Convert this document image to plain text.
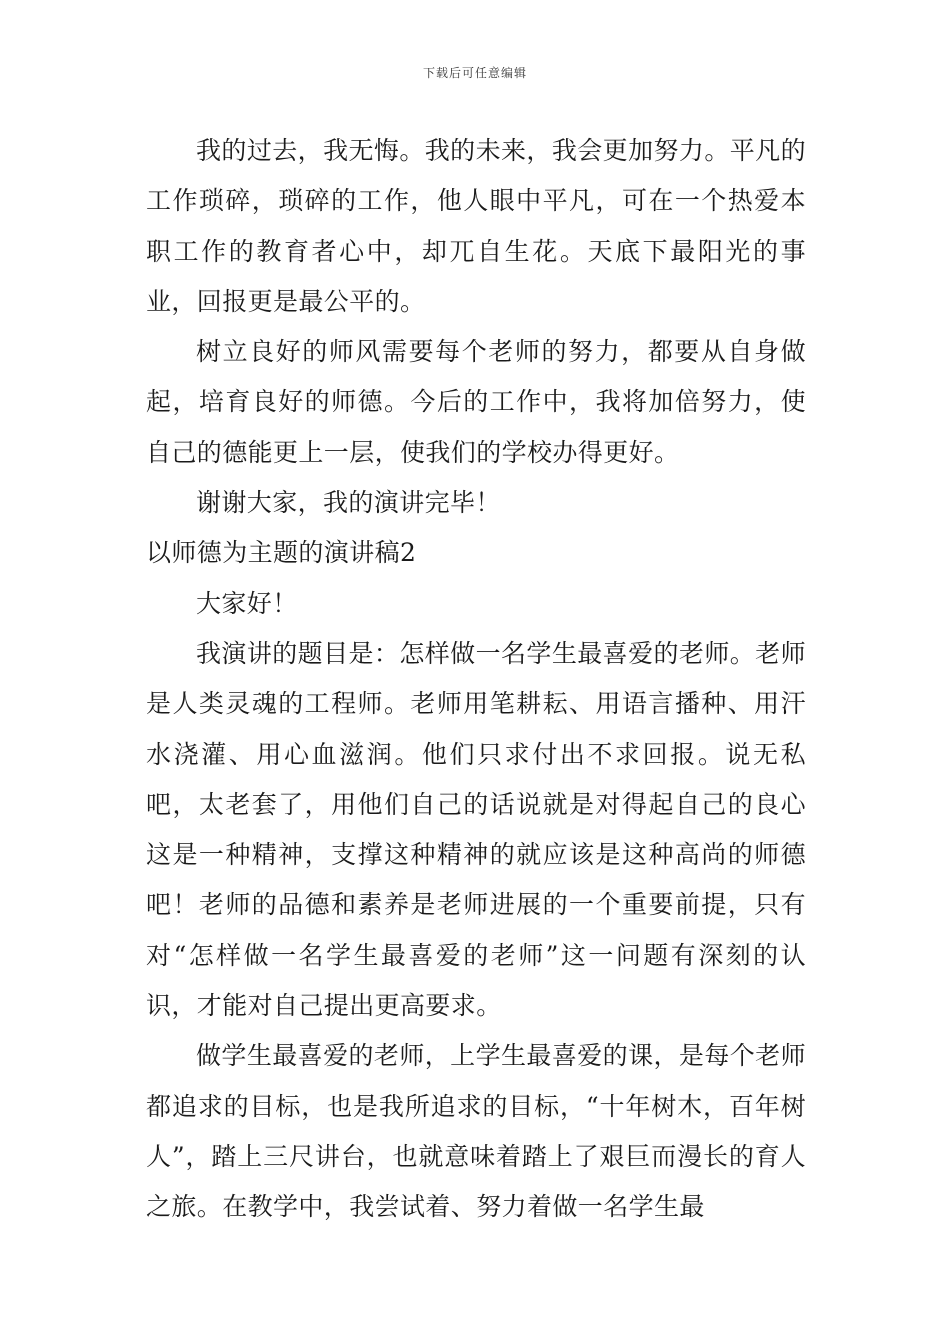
下载后可任意编辑

我的过去，我无悔。我的未来，我会更加努力。平凡的工作琐碎，琐碎的工作，他人眼中平凡，可在一个热爱本职工作的教育者心中，却兀自生花。天底下最阳光的事业，回报更是最公平的。

树立良好的师风需要每个老师的努力，都要从自身做起，培育良好的师德。今后的工作中，我将加倍努力，使自己的德能更上一层，使我们的学校办得更好。

谢谢大家，我的演讲完毕！

以师德为主题的演讲稿2

大家好！

我演讲的题目是：怎样做一名学生最喜爱的老师。老师是人类灵魂的工程师。老师用笔耕耘、用语言播种、用汗水浇灌、用心血滋润。他们只求付出不求回报。说无私吧，太老套了，用他们自己的话说就是对得起自己的良心这是一种精神，支撑这种精神的就应该是这种高尚的师德吧！老师的品德和素养是老师进展的一个重要前提，只有对“怎样做一名学生最喜爱的老师”这一问题有深刻的认识，才能对自己提出更高要求。

做学生最喜爱的老师，上学生最喜爱的课，是每个老师都追求的目标，也是我所追求的目标，“十年树木，百年树人”，踏上三尺讲台，也就意味着踏上了艰巨而漫长的育人之旅。在教学中，我尝试着、努力着做一名学生最
